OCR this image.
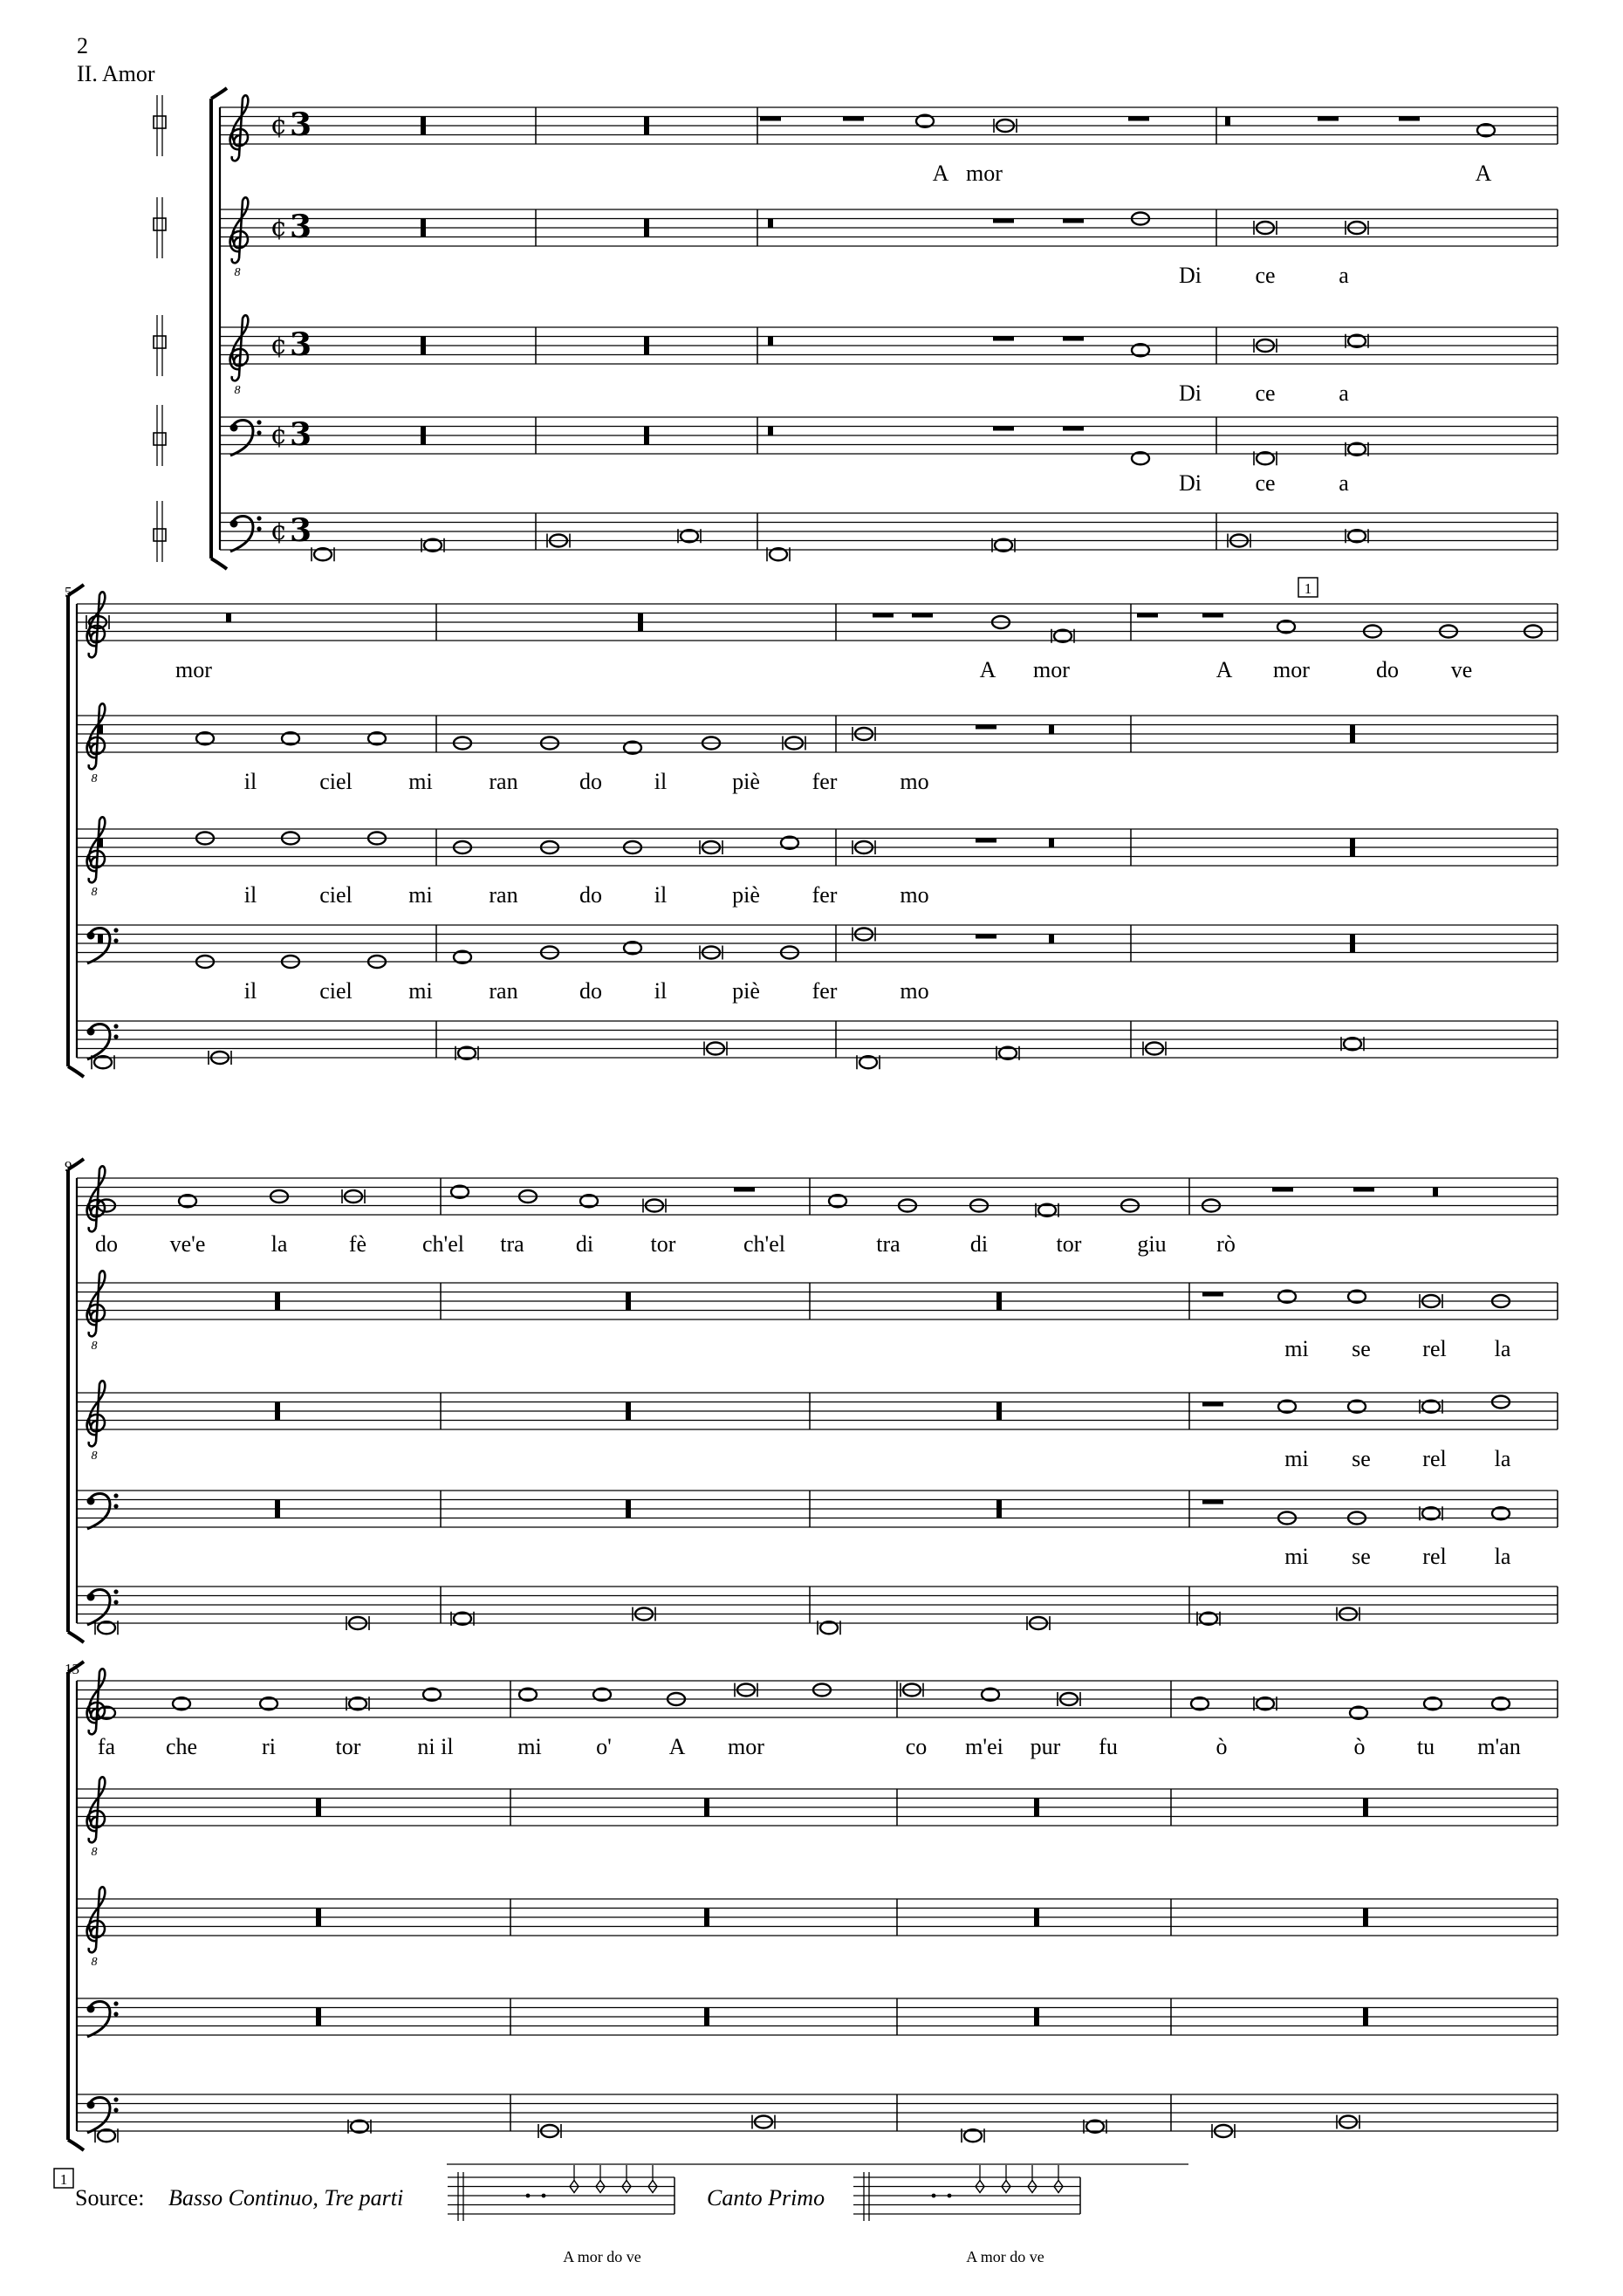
2
II. Amor
¢ 3
A mor	A
8
¢ 3
Di ce	a
8
¢ 3
Di ce	a
¢ 3
Di ce	a
¢ 3
5
mor	A mor	A mor	do ve
8	il	ciel mi ran	do il	piè fer	mo
8	il	ciel mi ran	do il	piè fer	mo
il	ciel mi ran	do il	piè fer	mo
1
9
do ve'e	la	fè ch'el tra di	tor	ch'el	tra	di	tor giu rò
8	mi se rel la
8	mi se rel la
mi se rel la
13
fa che	ri	tor ni il	mi o'	A mor	co m'ei pur fu	ò	ò tu m'an
8
8
1
Source: Basso Continuo, Tre parti
A mor do ve
Canto Primo
A mor do ve
